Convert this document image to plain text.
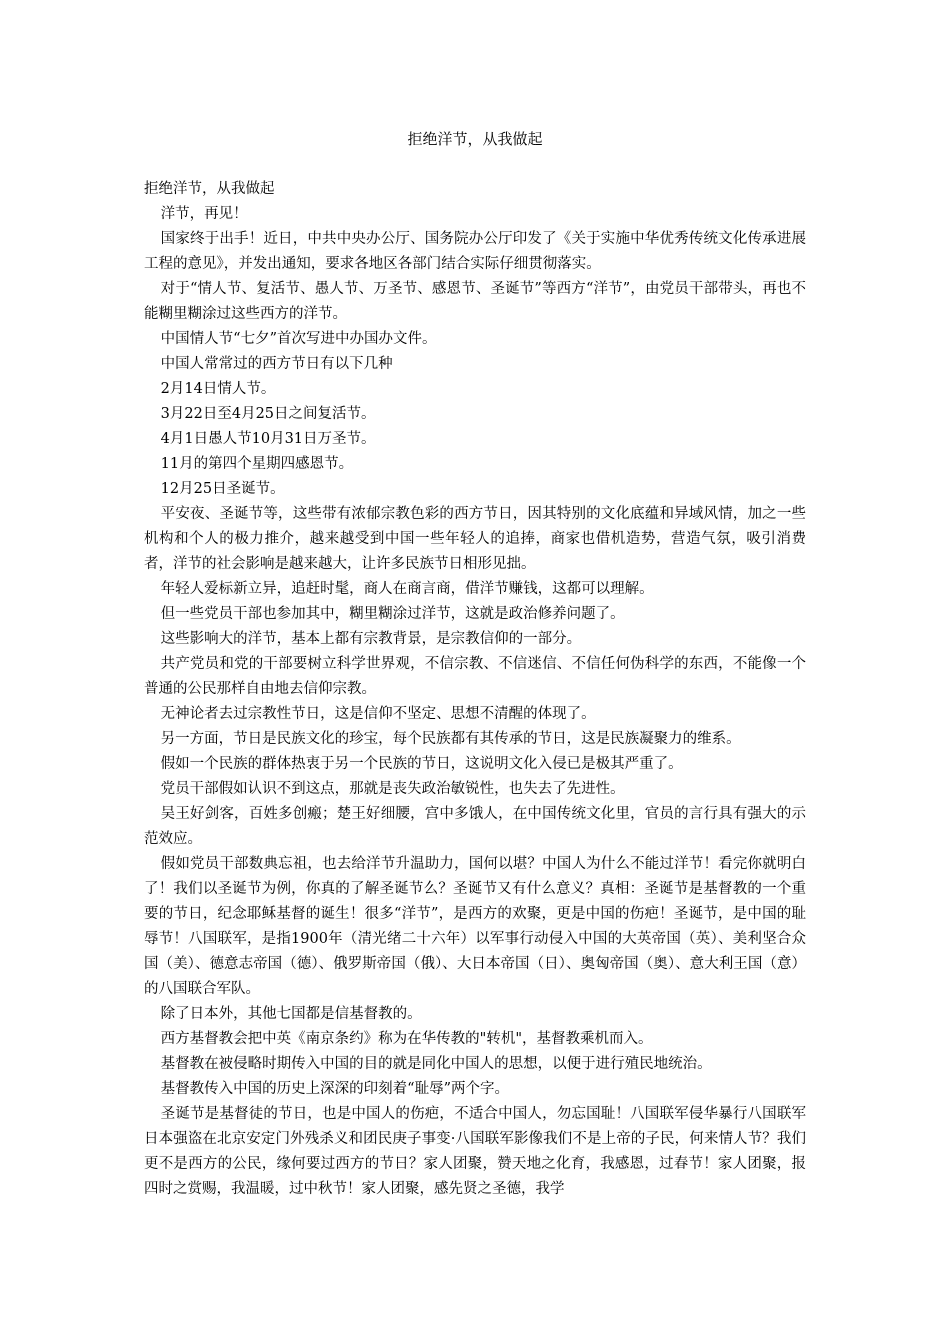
拒绝洋节，从我做起

拒绝洋节，从我做起

洋节，再见！

国家终于出手！近日，中共中央办公厅、国务院办公厅印发了《关于实施中华优秀传统文化传承进展工程的意见》，并发出通知，要求各地区各部门结合实际仔细贯彻落实。

对于“情人节、复活节、愚人节、万圣节、感恩节、圣诞节”等西方“洋节”，由党员干部带头，再也不能糊里糊涂过这些西方的洋节。

中国情人节“七夕”首次写进中办国办文件。

中国人常常过的西方节日有以下几种

2月14日情人节。

3月22日至4月25日之间复活节。

4月1日愚人节10月31日万圣节。

11月的第四个星期四感恩节。

12月25日圣诞节。

平安夜、圣诞节等，这些带有浓郁宗教色彩的西方节日，因其特别的文化底蕴和异域风情，加之一些机构和个人的极力推介，越来越受到中国一些年轻人的追捧，商家也借机造势，营造气氛，吸引消费者，洋节的社会影响是越来越大，让许多民族节日相形见拙。

年轻人爱标新立异，追赶时髦，商人在商言商，借洋节赚钱，这都可以理解。

但一些党员干部也参加其中，糊里糊涂过洋节，这就是政治修养问题了。

这些影响大的洋节，基本上都有宗教背景，是宗教信仰的一部分。

共产党员和党的干部要树立科学世界观，不信宗教、不信迷信、不信任何伪科学的东西，不能像一个普通的公民那样自由地去信仰宗教。

无神论者去过宗教性节日，这是信仰不坚定、思想不清醒的体现了。

另一方面，节日是民族文化的珍宝，每个民族都有其传承的节日，这是民族凝聚力的维系。

假如一个民族的群体热衷于另一个民族的节日，这说明文化入侵已是极其严重了。

党员干部假如认识不到这点，那就是丧失政治敏锐性，也失去了先进性。

吴王好剑客，百姓多创瘢；楚王好细腰，宫中多饿人，在中国传统文化里，官员的言行具有强大的示范效应。

假如党员干部数典忘祖，也去给洋节升温助力，国何以堪？中国人为什么不能过洋节！看完你就明白了！我们以圣诞节为例，你真的了解圣诞节么？圣诞节又有什么意义？真相：圣诞节是基督教的一个重要的节日，纪念耶稣基督的诞生！很多“洋节”，是西方的欢聚，更是中国的伤疤！圣诞节，是中国的耻辱节！八国联军，是指1900年（清光绪二十六年）以军事行动侵入中国的大英帝国（英）、美利坚合众国（美）、德意志帝国（德）、俄罗斯帝国（俄）、大日本帝国（日）、奥匈帝国（奥）、意大利王国（意）的八国联合军队。

除了日本外，其他七国都是信基督教的。

西方基督教会把中英《南京条约》称为在华传教的"转机"，基督教乘机而入。

基督教在被侵略时期传入中国的目的就是同化中国人的思想，以便于进行殖民地统治。

基督教传入中国的历史上深深的印刻着“耻辱”两个字。

圣诞节是基督徒的节日，也是中国人的伤疤，不适合中国人，勿忘国耻！八国联军侵华暴行八国联军日本强盗在北京安定门外残杀义和团民庚子事变·八国联军影像我们不是上帝的子民，何来情人节？我们更不是西方的公民，缘何要过西方的节日？家人团聚，赞天地之化育，我感恩，过春节！家人团聚，报四时之赏赐，我温暖，过中秋节！家人团聚，感先贤之圣德，我学
